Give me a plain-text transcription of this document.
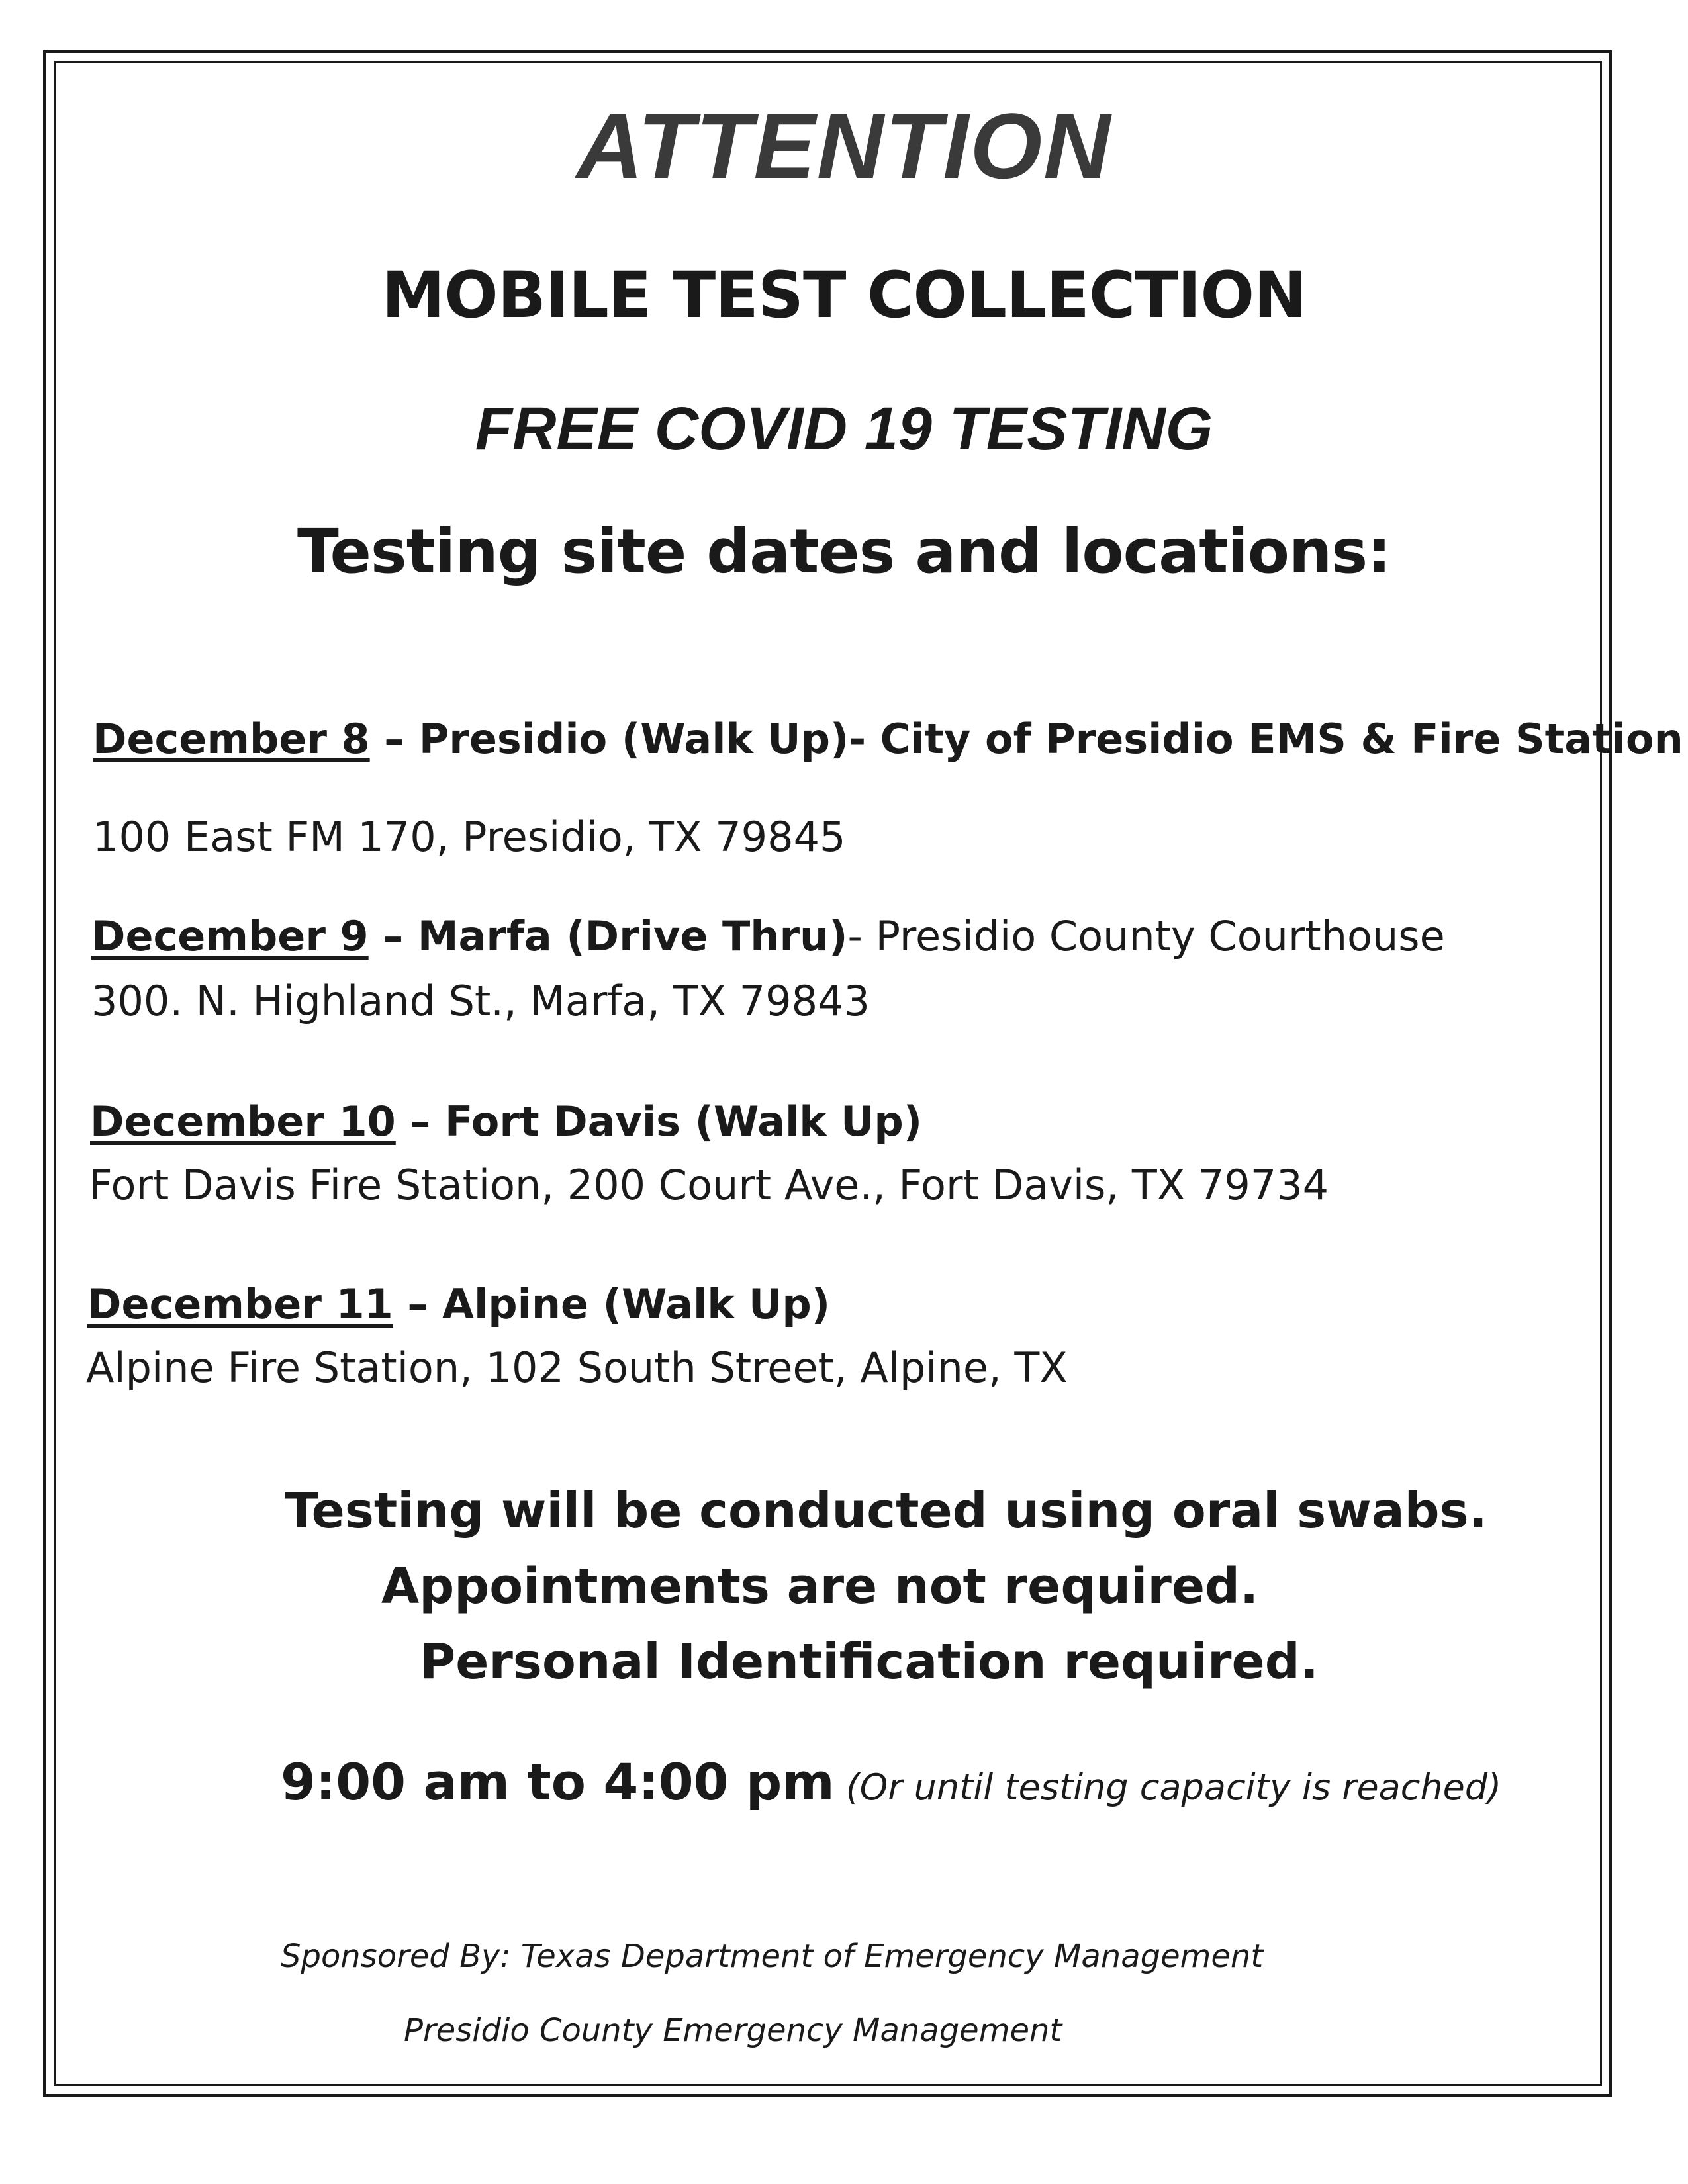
ATTENTION
MOBILE TEST COLLECTION
FREE COVID 19 TESTING
Testing site dates and locations:
December 8 – Presidio (Walk Up)- City of Presidio EMS & Fire Station
100 East FM 170, Presidio, TX 79845
December 9 – Marfa (Drive Thru)- Presidio County Courthouse
300. N. Highland St., Marfa, TX 79843
December 10 – Fort Davis (Walk Up)
Fort Davis Fire Station, 200 Court Ave., Fort Davis, TX 79734
December 11 – Alpine (Walk Up)
Alpine Fire Station, 102 South Street, Alpine, TX
Testing will be conducted using oral swabs.
Appointments are not required.
Personal Identification required.
9:00 am to 4:00 pm (Or until testing capacity is reached)
Sponsored By: Texas Department of Emergency Management
Presidio County Emergency Management
